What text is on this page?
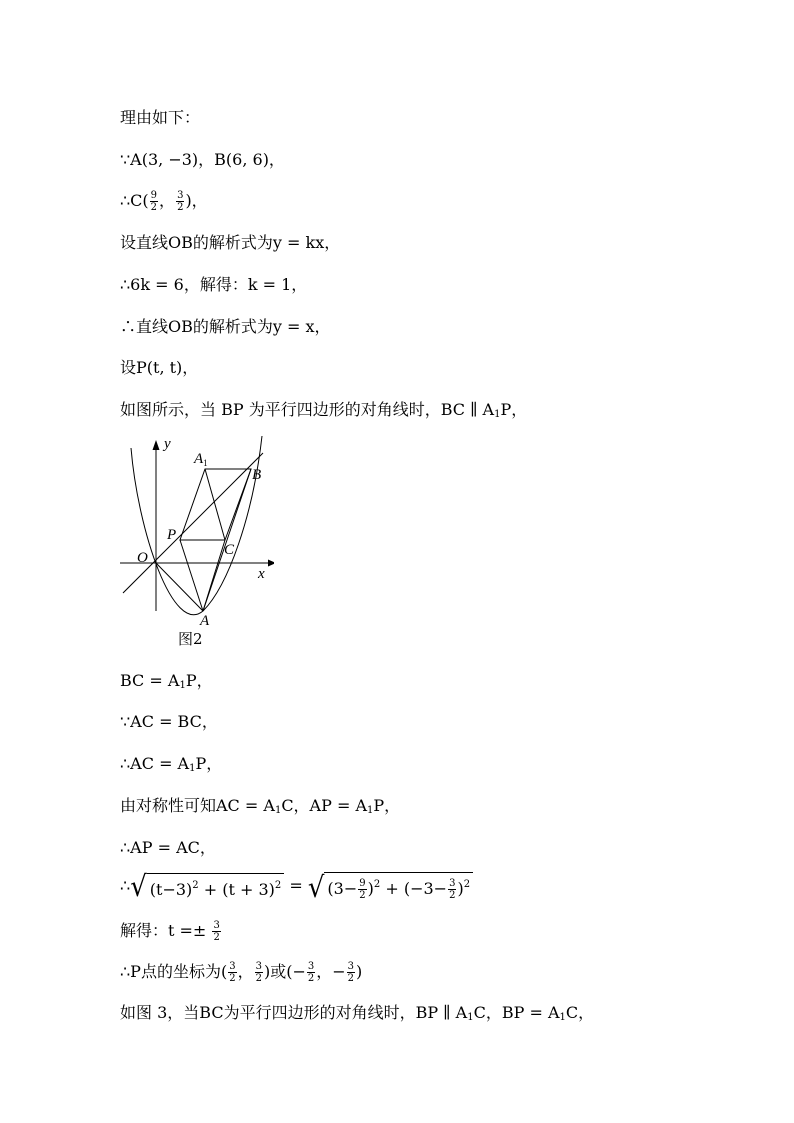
理由如下：
∵A(3, −3)，B(6, 6)，
∴C( $\frac{9}{2}$ ， $\frac{3}{2}$ )，
设直线OB的解析式为y = kx，
∴6k = 6，解得：k = 1，
∴直线OB的解析式为y = x，
设P(t, t)，
如图所示，当 BP 为平行四边形的对角线时，BC ∥ $A_1P$，
y
x
O
$A_1$
B
P
C
A
图2
BC = $A_1P$，
∵AC = BC，
∴AC = $A_1P$，
由对称性可知AC = $A_1C$，AP = $A_1P$，
∴AP = AC，
∴ √ $(t-3)^2 + (t + 3)^2$ = √ $(3- \frac{9}{2} )^2 + (-3- \frac{3}{2} )^2$
解得：$t =\pm \frac{3}{2}$
∴P点的坐标为( $\frac{3}{2}$ ， $\frac{3}{2}$ )或(− $\frac{3}{2}$ ，− $\frac{3}{2}$ )
如图 3，当BC为平行四边形的对角线时，BP ∥ $A_1C$，BP = $A_1C$，
